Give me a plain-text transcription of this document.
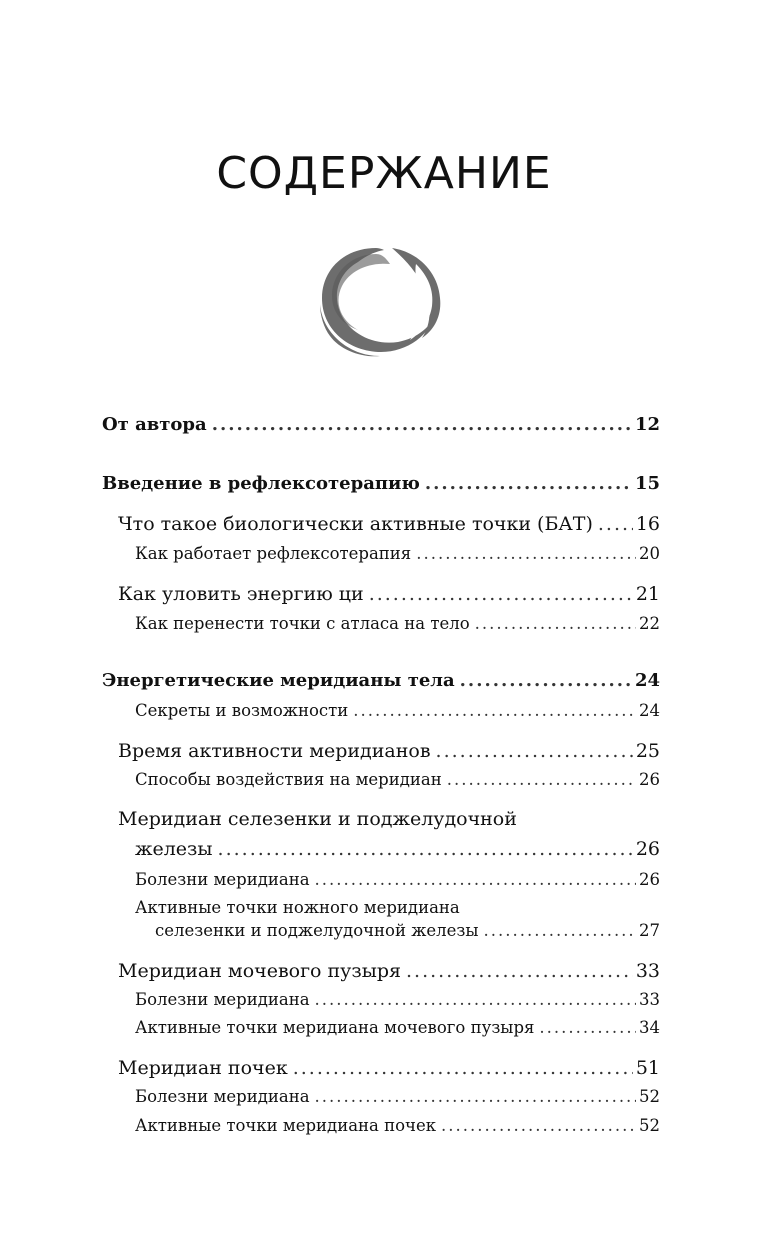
СОДЕРЖАНИЕ
От автора .....	12
Введение в рефлексотерапию .....	15
Что такое биологически активные точки (БАТ) ..... 16
Как работает рефлексотерапия .....	20
Как уловить энергию ци .....	21
Как перенести точки с атласа на тело .....	22
Энергетические меридианы тела .....	24
Секреты и возможности .....	24
Время активности меридианов .....	25
Способы воздействия на меридиан .....	26
Меридиан селезенки и поджелудочной
железы .....	26
Болезни меридиана .....	26
Активные точки ножного меридиана
селезенки и поджелудочной железы .....	27
Меридиан мочевого пузыря .....	33
Болезни меридиана .....	33
Активные точки меридиана мочевого пузыря .....	34
Меридиан почек .....	51
Болезни меридиана .....	52
Активные точки меридиана почек .....	52
